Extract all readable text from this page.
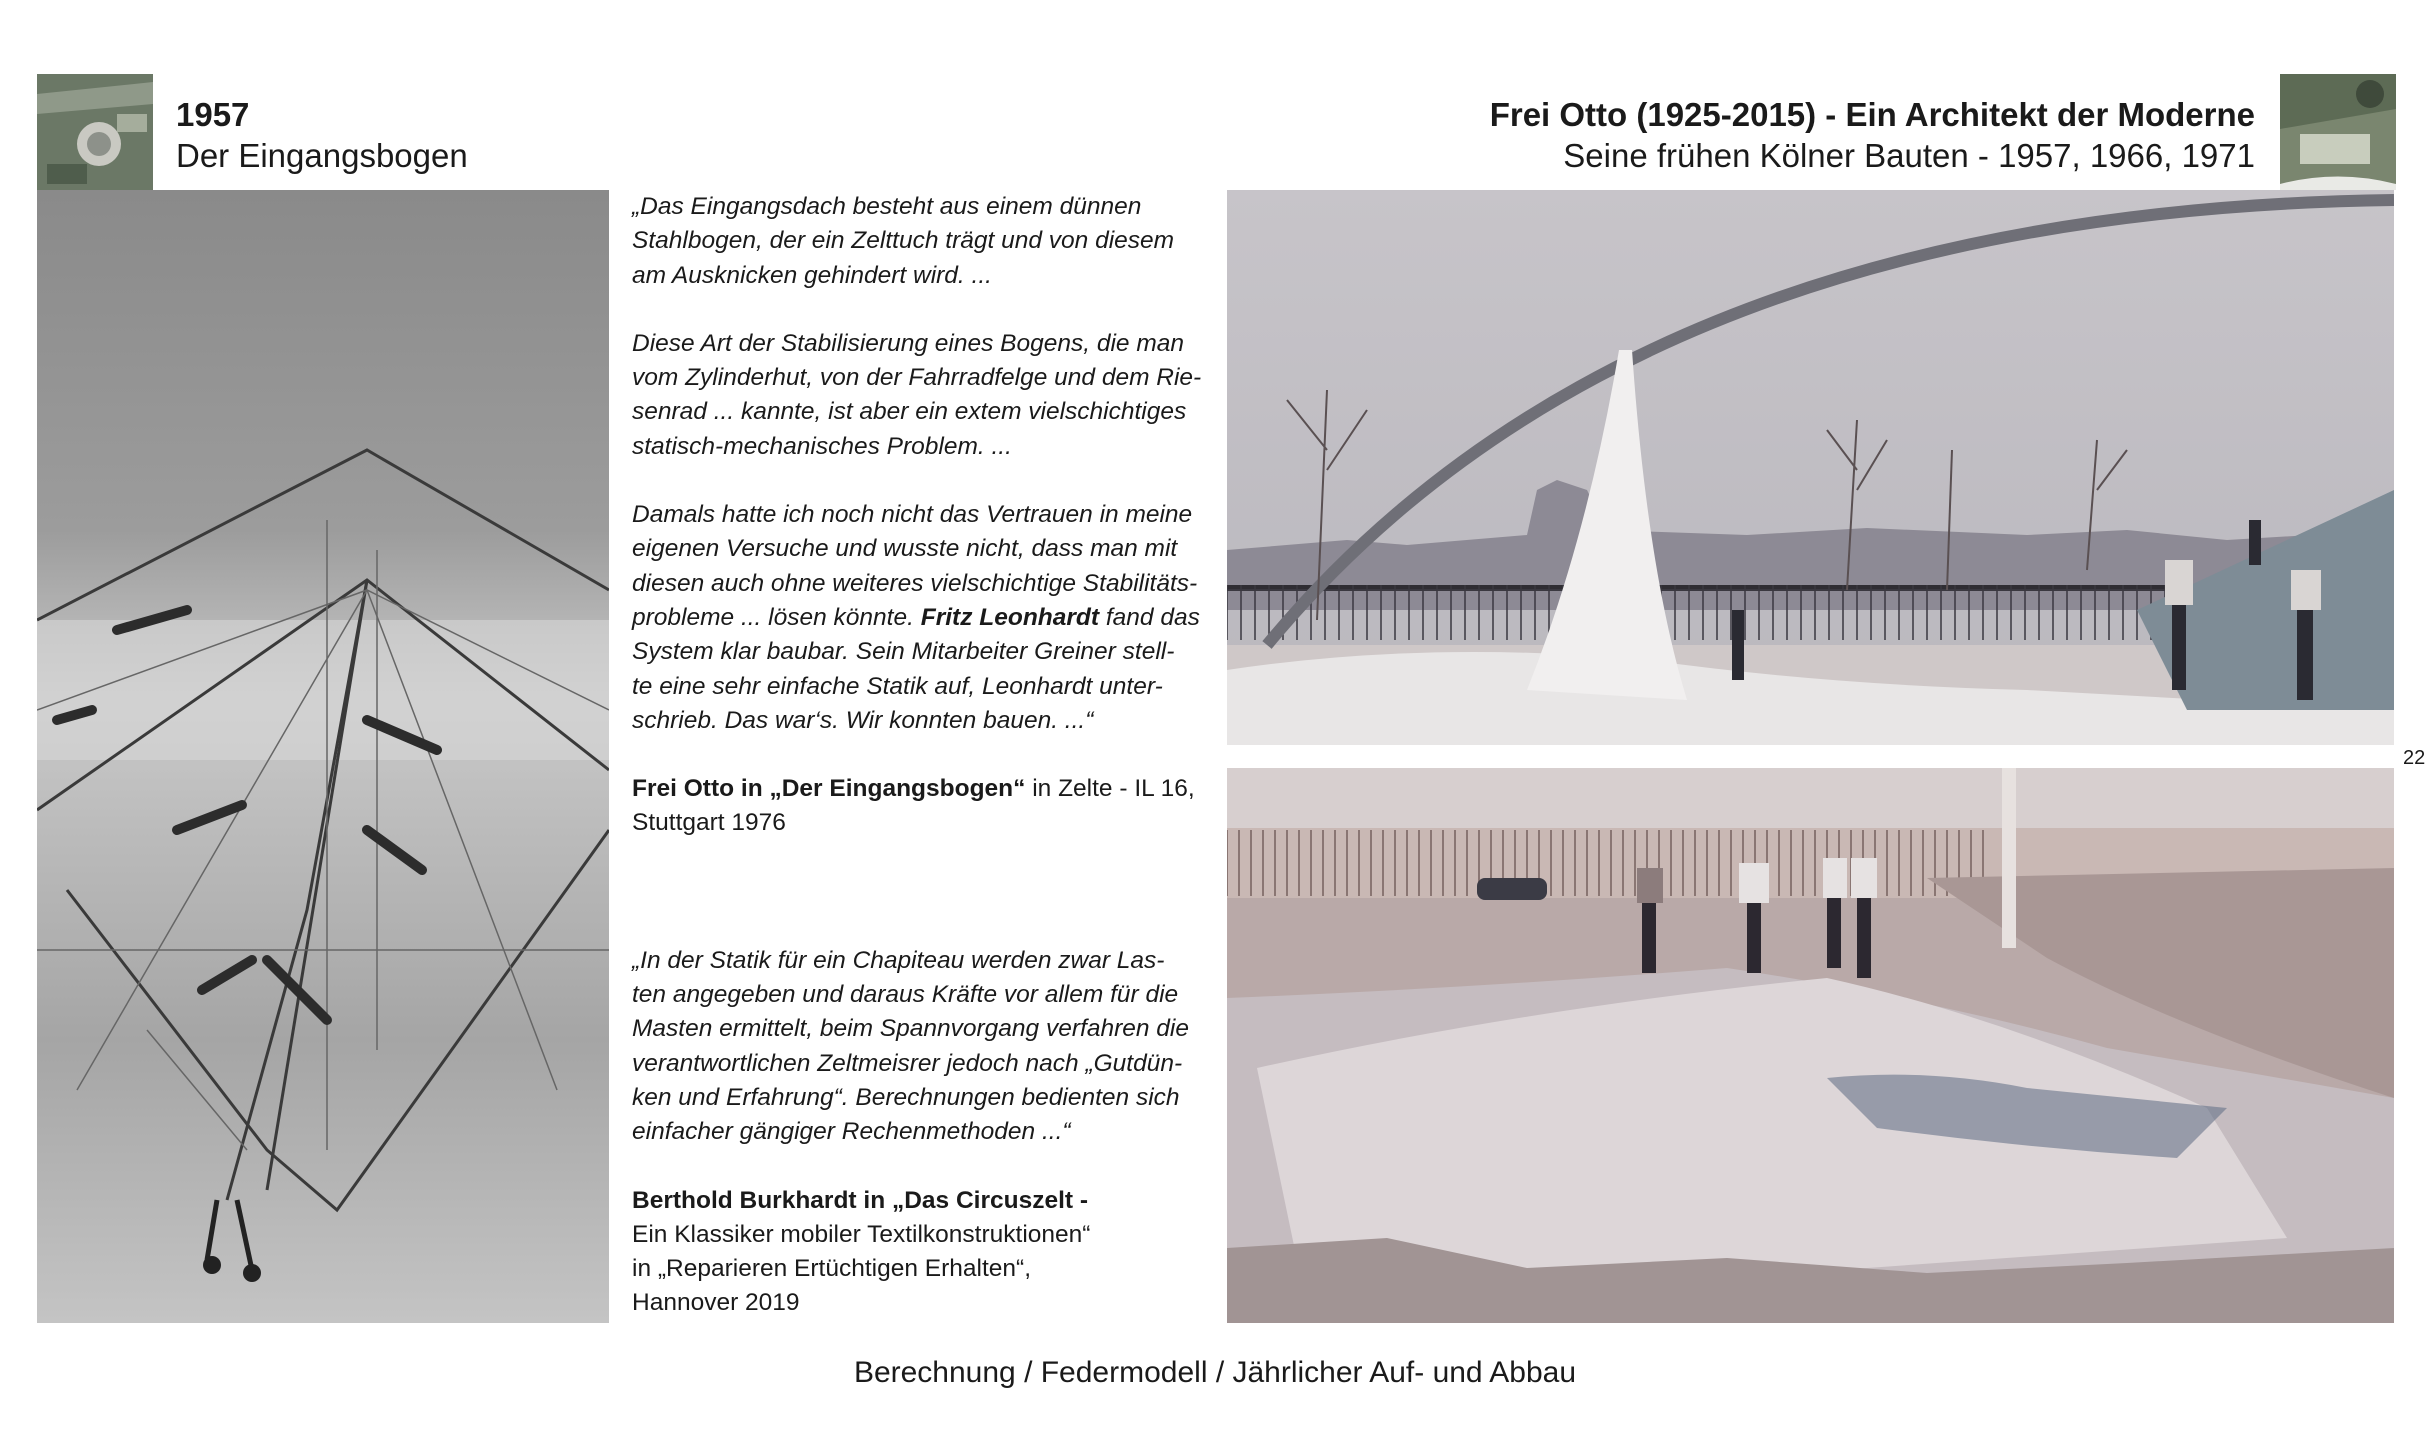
1957
Der Eingangsbogen
Frei Otto (1925-2015) - Ein Architekt der Moderne
Seine frühen Kölner Bauten - 1957, 1966, 1971

„Das Eingangsdach besteht aus einem dünnen

Stahlbogen, der ein Zelttuch trägt und von diesem

am Ausknicken gehindert wird. ...

Diese Art der Stabilisierung eines Bogens, die man

vom Zylinderhut, von der Fahrradfelge und dem Rie-

senrad ... kannte, ist aber ein extem vielschichtiges

statisch-mechanisches Problem. ...

Damals hatte ich noch nicht das Vertrauen in meine

eigenen Versuche und wusste nicht, dass man mit

diesen auch ohne weiteres vielschichtige Stabilitäts-

probleme ... lösen könnte. Fritz Leonhardt fand das

System klar baubar. Sein Mitarbeiter Greiner stell-

te eine sehr einfache Statik auf, Leonhardt unter-

schrieb. Das war‘s. Wir konnten bauen. ...“

Frei Otto in „Der Eingangsbogen“ in Zelte - IL 16,

Stuttgart 1976

„In der Statik für ein Chapiteau werden zwar Las-

ten angegeben und daraus Kräfte vor allem für die

Masten ermittelt, beim Spannvorgang verfahren die

verantwortlichen Zeltmeisrer jedoch nach „Gutdün-

ken und Erfahrung“. Berechnungen bedienten sich

einfacher gängiger Rechenmethoden ...“

Berthold Burkhardt in „Das Circuszelt -

Ein Klassiker mobiler Textilkonstruktionen“

in „Reparieren Ertüchtigen Erhalten“,

Hannover 2019

22
Berechnung / Federmodell / Jährlicher Auf- und Abbau
